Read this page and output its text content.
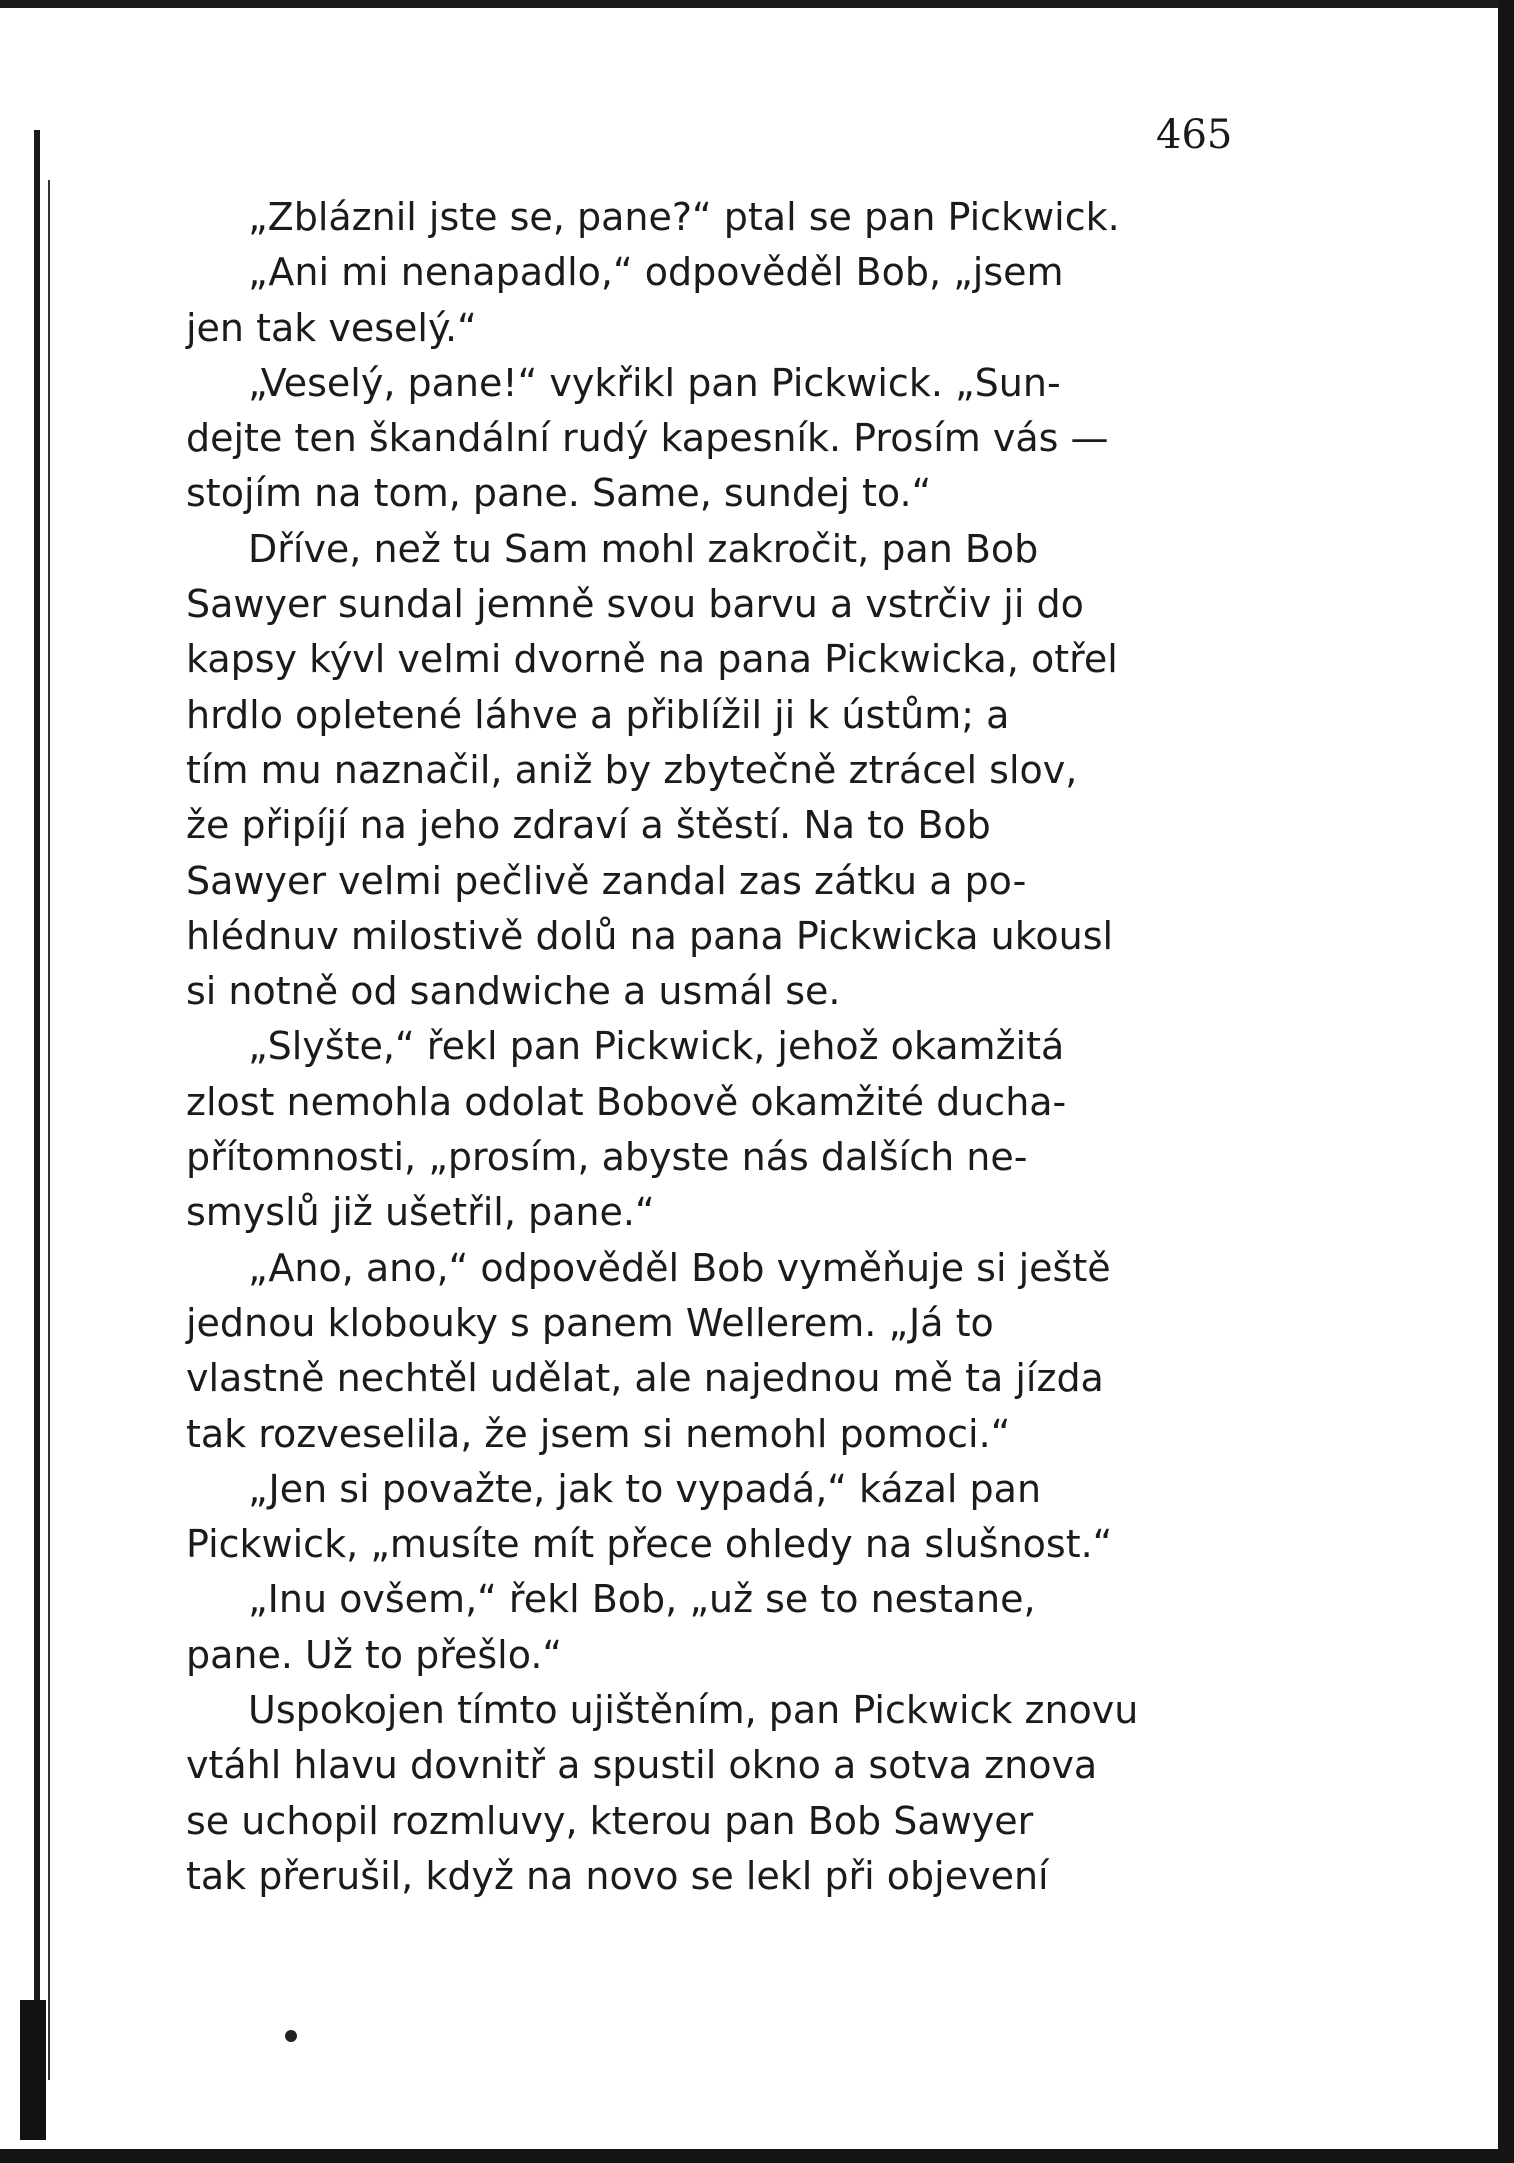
465
„Zbláznil jste se, pane?“ ptal se pan Pickwick.
„Ani mi nenapadlo,“ odpověděl Bob, „jsem
jen tak veselý.“
„Veselý, pane!“ vykřikl pan Pickwick. „Sun-
dejte ten škandální rudý kapesník. Prosím vás —
stojím na tom, pane. Same, sundej to.“
Dříve, než tu Sam mohl zakročit, pan Bob
Sawyer sundal jemně svou barvu a vstrčiv ji do
kapsy kývl velmi dvorně na pana Pickwicka, otřel
hrdlo opletené láhve a přiblížil ji k ústům; a
tím mu naznačil, aniž by zbytečně ztrácel slov,
že připíjí na jeho zdraví a štěstí. Na to Bob
Sawyer velmi pečlivě zandal zas zátku a po-
hlédnuv milostivě dolů na pana Pickwicka ukousl
si notně od sandwiche a usmál se.
„Slyšte,“ řekl pan Pickwick, jehož okamžitá
zlost nemohla odolat Bobově okamžité ducha-
přítomnosti, „prosím, abyste nás dalších ne-
smyslů již ušetřil, pane.“
„Ano, ano,“ odpověděl Bob vyměňuje si ještě
jednou klobouky s panem Wellerem. „Já to
vlastně nechtěl udělat, ale najednou mě ta jízda
tak rozveselila, že jsem si nemohl pomoci.“
„Jen si považte, jak to vypadá,“ kázal pan
Pickwick, „musíte mít přece ohledy na slušnost.“
„Inu ovšem,“ řekl Bob, „už se to nestane,
pane. Už to přešlo.“
Uspokojen tímto ujištěním, pan Pickwick znovu
vtáhl hlavu dovnitř a spustil okno a sotva znova
se uchopil rozmluvy, kterou pan Bob Sawyer
tak přerušil, když na novo se lekl při objevení
